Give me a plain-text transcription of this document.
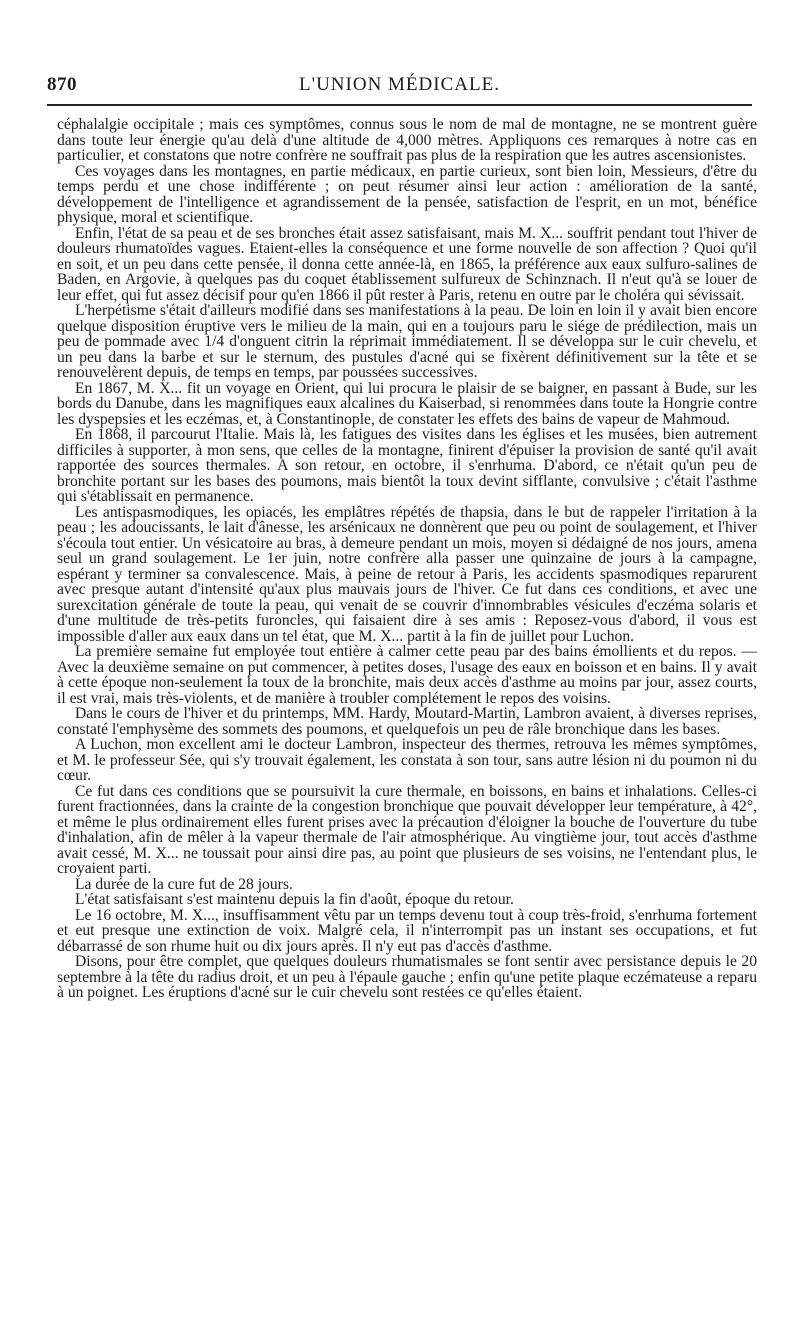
870	L'UNION MÉDICALE.

céphalalgie occipitale ; mais ces symptômes, connus sous le nom de mal de montagne, ne se montrent guère dans toute leur énergie qu'au delà d'une altitude de 4,000 mètres. Appliquons ces remarques à notre cas en particulier, et constatons que notre confrère ne souffrait pas plus de la respiration que les autres ascensionistes.

Ces voyages dans les montagnes, en partie médicaux, en partie curieux, sont bien loin, Messieurs, d'être du temps perdu et une chose indifférente ; on peut résumer ainsi leur action : amélioration de la santé, développement de l'intelligence et agrandissement de la pensée, satisfaction de l'esprit, en un mot, bénéfice physique, moral et scientifique.

Enfin, l'état de sa peau et de ses bronches était assez satisfaisant, mais M. X... souffrit pendant tout l'hiver de douleurs rhumatoïdes vagues. Etaient-elles la conséquence et une forme nouvelle de son affection ? Quoi qu'il en soit, et un peu dans cette pensée, il donna cette année-là, en 1865, la préférence aux eaux sulfuro-salines de Baden, en Argovie, à quelques pas du coquet établissement sulfureux de Schinznach. Il n'eut qu'à se louer de leur effet, qui fut assez décisif pour qu'en 1866 il pût rester à Paris, retenu en outre par le choléra qui sévissait.

L'herpétisme s'était d'ailleurs modifié dans ses manifestations à la peau. De loin en loin il y avait bien encore quelque disposition éruptive vers le milieu de la main, qui en a toujours paru le siége de prédilection, mais un peu de pommade avec 1/4 d'onguent citrin la réprimait immédiatement. Il se développa sur le cuir chevelu, et un peu dans la barbe et sur le sternum, des pustules d'acné qui se fixèrent définitivement sur la tête et se renouvelèrent depuis, de temps en temps, par poussées successives.

En 1867, M. X... fit un voyage en Orient, qui lui procura le plaisir de se baigner, en passant à Bude, sur les bords du Danube, dans les magnifiques eaux alcalines du Kaiserbad, si renommées dans toute la Hongrie contre les dyspepsies et les eczémas, et, à Constantinople, de constater les effets des bains de vapeur de Mahmoud.

En 1868, il parcourut l'Italie. Mais là, les fatigues des visites dans les églises et les musées, bien autrement difficiles à supporter, à mon sens, que celles de la montagne, finirent d'épuiser la provision de santé qu'il avait rapportée des sources thermales. A son retour, en octobre, il s'enrhuma. D'abord, ce n'était qu'un peu de bronchite portant sur les bases des poumons, mais bientôt la toux devint sifflante, convulsive ; c'était l'asthme qui s'établissait en permanence.

Les antispasmodiques, les opiacés, les emplâtres répétés de thapsia, dans le but de rappeler l'irritation à la peau ; les adoucissants, le lait d'ânesse, les arsénicaux ne donnèrent que peu ou point de soulagement, et l'hiver s'écoula tout entier. Un vésicatoire au bras, à demeure pendant un mois, moyen si dédaigné de nos jours, amena seul un grand soulagement. Le 1er juin, notre confrère alla passer une quinzaine de jours à la campagne, espérant y terminer sa convalescence. Mais, à peine de retour à Paris, les accidents spasmodiques reparurent avec presque autant d'intensité qu'aux plus mauvais jours de l'hiver. Ce fut dans ces conditions, et avec une surexcitation générale de toute la peau, qui venait de se couvrir d'innombrables vésicules d'eczéma solaris et d'une multitude de très-petits furoncles, qui faisaient dire à ses amis : Reposez-vous d'abord, il vous est impossible d'aller aux eaux dans un tel état, que M. X... partit à la fin de juillet pour Luchon.

La première semaine fut employée tout entière à calmer cette peau par des bains émollients et du repos. — Avec la deuxième semaine on put commencer, à petites doses, l'usage des eaux en boisson et en bains. Il y avait à cette époque non-seulement la toux de la bronchite, mais deux accès d'asthme au moins par jour, assez courts, il est vrai, mais très-violents, et de manière à troubler complétement le repos des voisins.

Dans le cours de l'hiver et du printemps, MM. Hardy, Moutard-Martin, Lambron avaient, à diverses reprises, constaté l'emphysème des sommets des poumons, et quelquefois un peu de râle bronchique dans les bases.

A Luchon, mon excellent ami le docteur Lambron, inspecteur des thermes, retrouva les mêmes symptômes, et M. le professeur Sée, qui s'y trouvait également, les constata à son tour, sans autre lésion ni du poumon ni du cœur.

Ce fut dans ces conditions que se poursuivit la cure thermale, en boissons, en bains et inhalations. Celles-ci furent fractionnées, dans la crainte de la congestion bronchique que pouvait développer leur température, à 42°, et même le plus ordinairement elles furent prises avec la précaution d'éloigner la bouche de l'ouverture du tube d'inhalation, afin de mêler à la vapeur thermale de l'air atmosphérique. Au vingtième jour, tout accès d'asthme avait cessé, M. X... ne toussait pour ainsi dire pas, au point que plusieurs de ses voisins, ne l'entendant plus, le croyaient parti.

La durée de la cure fut de 28 jours.

L'état satisfaisant s'est maintenu depuis la fin d'août, époque du retour.

Le 16 octobre, M. X..., insuffisamment vêtu par un temps devenu tout à coup très-froid, s'enrhuma fortement et eut presque une extinction de voix. Malgré cela, il n'interrompit pas un instant ses occupations, et fut débarrassé de son rhume huit ou dix jours après. Il n'y eut pas d'accès d'asthme.

Disons, pour être complet, que quelques douleurs rhumatismales se font sentir avec persistance depuis le 20 septembre à la tête du radius droit, et un peu à l'épaule gauche ; enfin qu'une petite plaque eczémateuse a reparu à un poignet. Les éruptions d'acné sur le cuir chevelu sont restées ce qu'elles étaient.
